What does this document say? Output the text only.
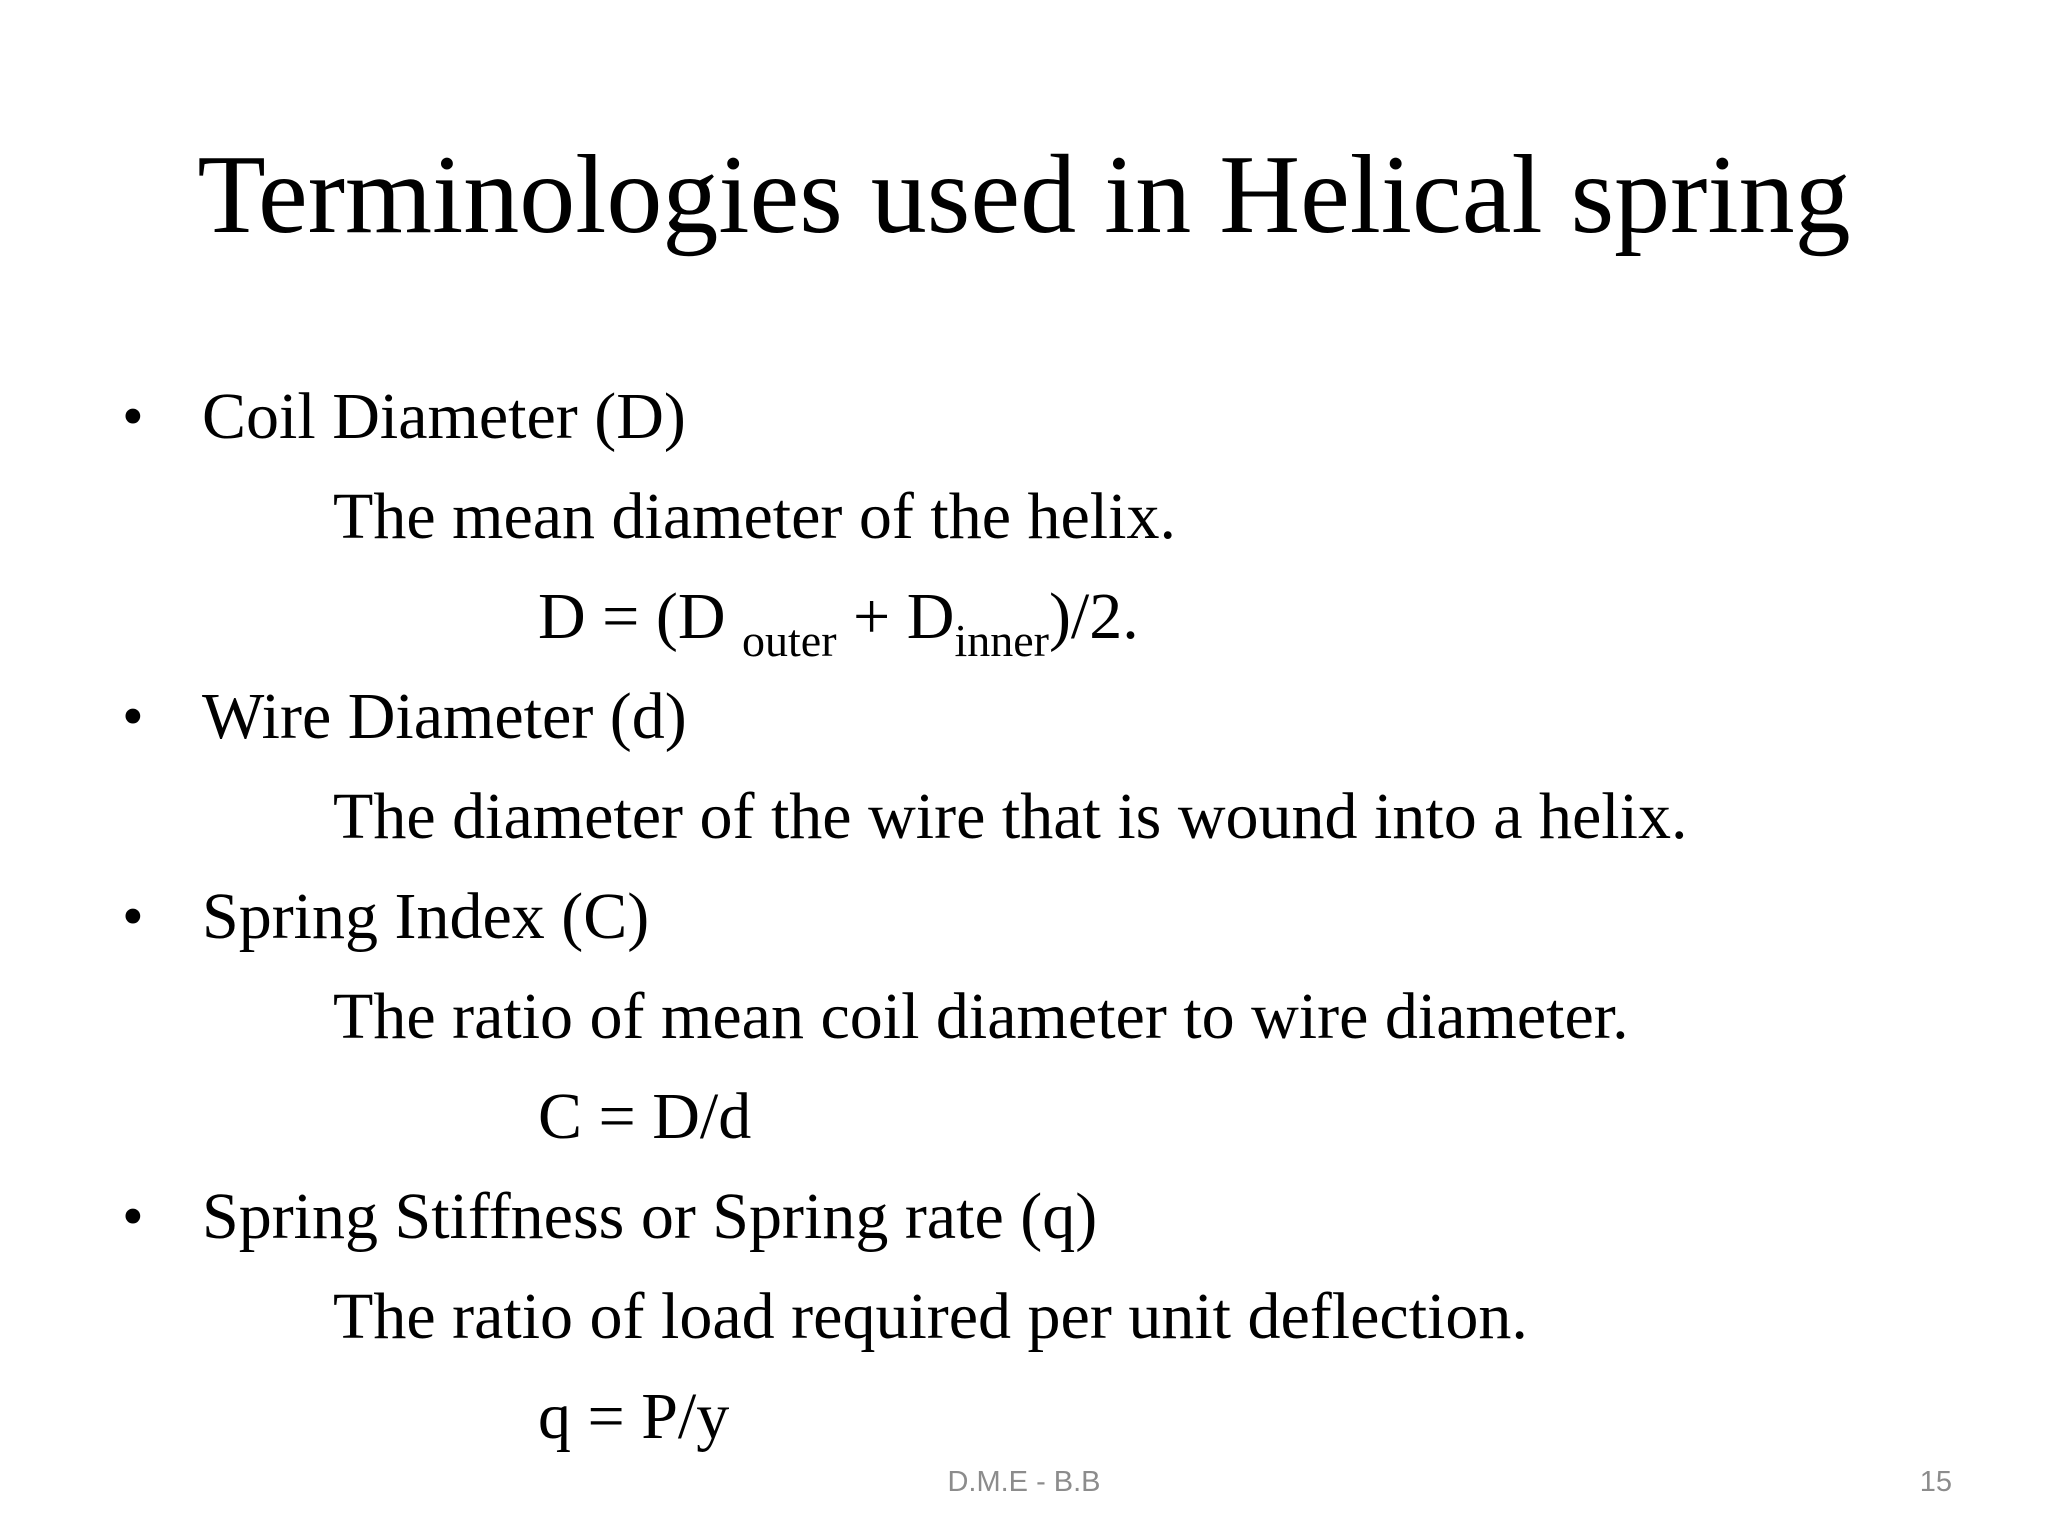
Terminologies used in Helical spring
• Coil Diameter (D)
The mean diameter of the helix.
D = (D $_{outer} + D_{inner})/2$.
• Wire Diameter (d)
The diameter of the wire that is wound into a helix.
• Spring Index (C)
The ratio of mean coil diameter to wire diameter.
C = D/d
• Spring Stiffness or Spring rate (q)
The ratio of load required per unit deflection.
q = P/y
D.M.E - B.B	15
